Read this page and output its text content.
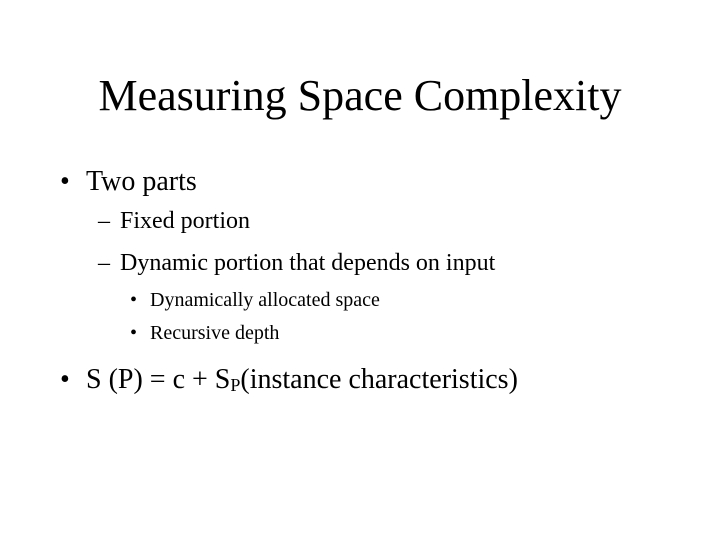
Measuring Space Complexity
• Two parts
– Fixed portion
– Dynamic portion that depends on input
• Dynamically allocated space
• Recursive depth
• S $(P) = c + S_P(instance$ characteristics)
